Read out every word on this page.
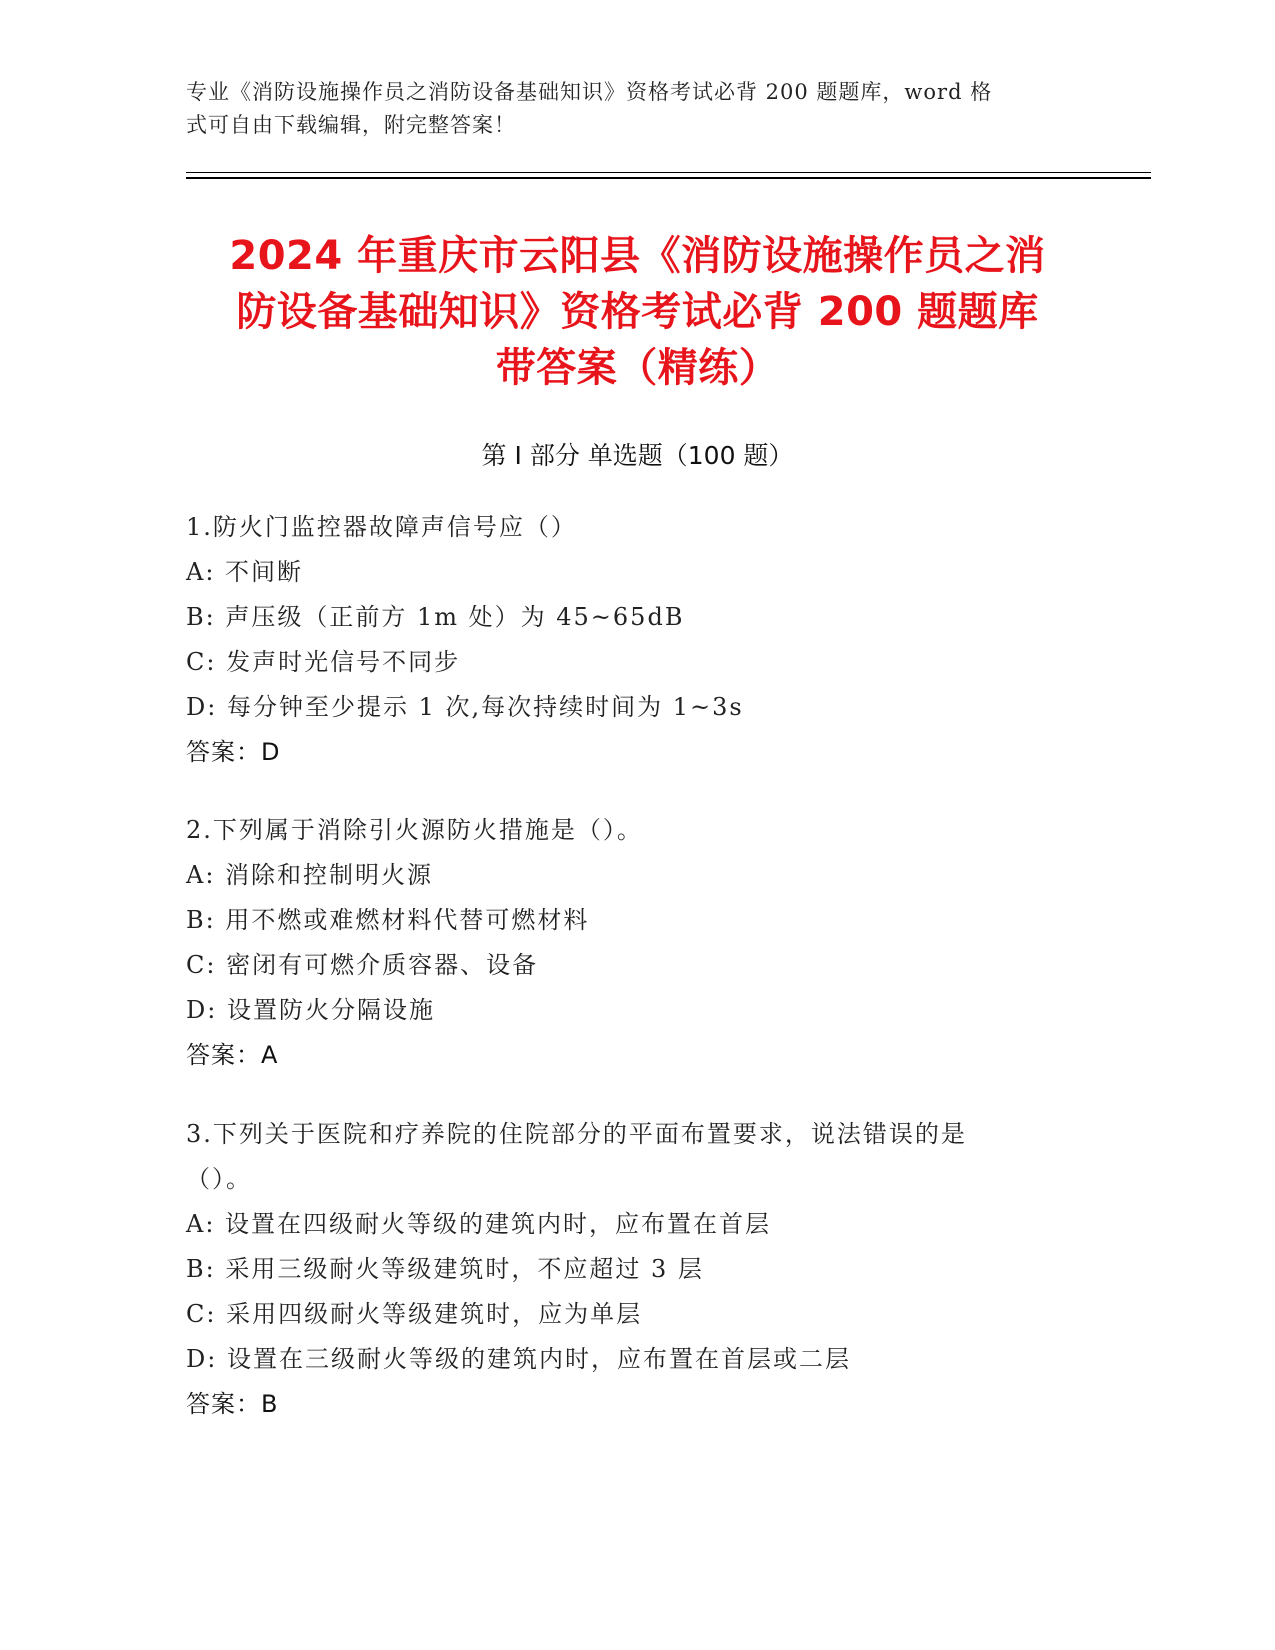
专业《消防设施操作员之消防设备基础知识》资格考试必背 200 题题库，word 格
式可自由下载编辑，附完整答案！
2024 年重庆市云阳县《消防设施操作员之消
防设备基础知识》资格考试必背 200 题题库
带答案（精练）
第 I 部分 单选题（100 题）
1.防火门监控器故障声信号应（）
A: 不间断
B: 声压级（正前方 1m 处）为 45~65dB
C: 发声时光信号不同步
D: 每分钟至少提示 1 次,每次持续时间为 1~3s
答案：D
2.下列属于消除引火源防火措施是（）。
A: 消除和控制明火源
B: 用不燃或难燃材料代替可燃材料
C: 密闭有可燃介质容器、设备
D: 设置防火分隔设施
答案：A
3.下列关于医院和疗养院的住院部分的平面布置要求，说法错误的是
（）。
A: 设置在四级耐火等级的建筑内时，应布置在首层
B: 采用三级耐火等级建筑时，不应超过 3 层
C: 采用四级耐火等级建筑时，应为单层
D: 设置在三级耐火等级的建筑内时，应布置在首层或二层
答案：B
